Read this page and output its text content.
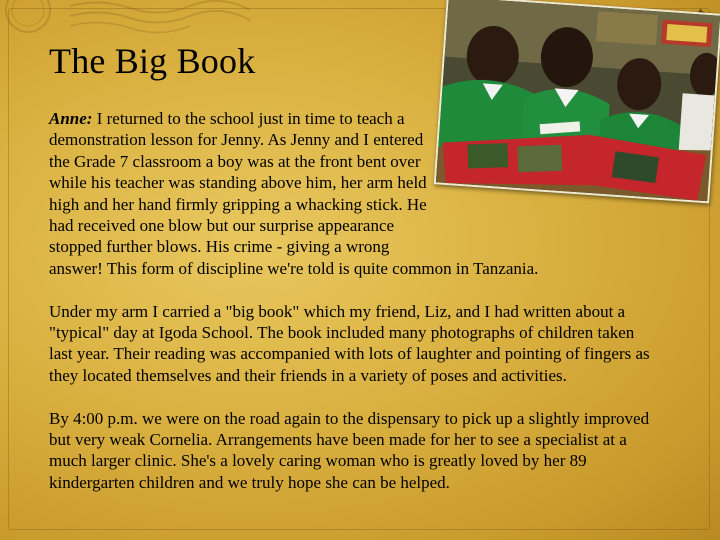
The Big Book

Anne: I returned to the school just in time to teach a demonstration lesson for Jenny. As Jenny and I entered the Grade 7 classroom a boy was at the front bent over while his teacher was standing above him, her arm held high and her hand firmly gripping a whacking stick. He had received one blow but our surprise appearance stopped further blows. His crime - giving a wrong answer! This form of discipline we're told is quite common in Tanzania.

Under my arm I carried a "big book" which my friend, Liz, and I had written about a "typical" day at Igoda School. The book included many photographs of children taken last year. Their reading was accompanied with lots of laughter and pointing of fingers as they located themselves and their friends in a variety of poses and activities.

By 4:00 p.m. we were on the road again to the dispensary to pick up a slightly improved but very weak Cornelia. Arrangements have been made for her to see a specialist at a much larger clinic. She's a lovely caring woman who is greatly loved by her 89 kindergarten children and we truly hope she can be helped.
